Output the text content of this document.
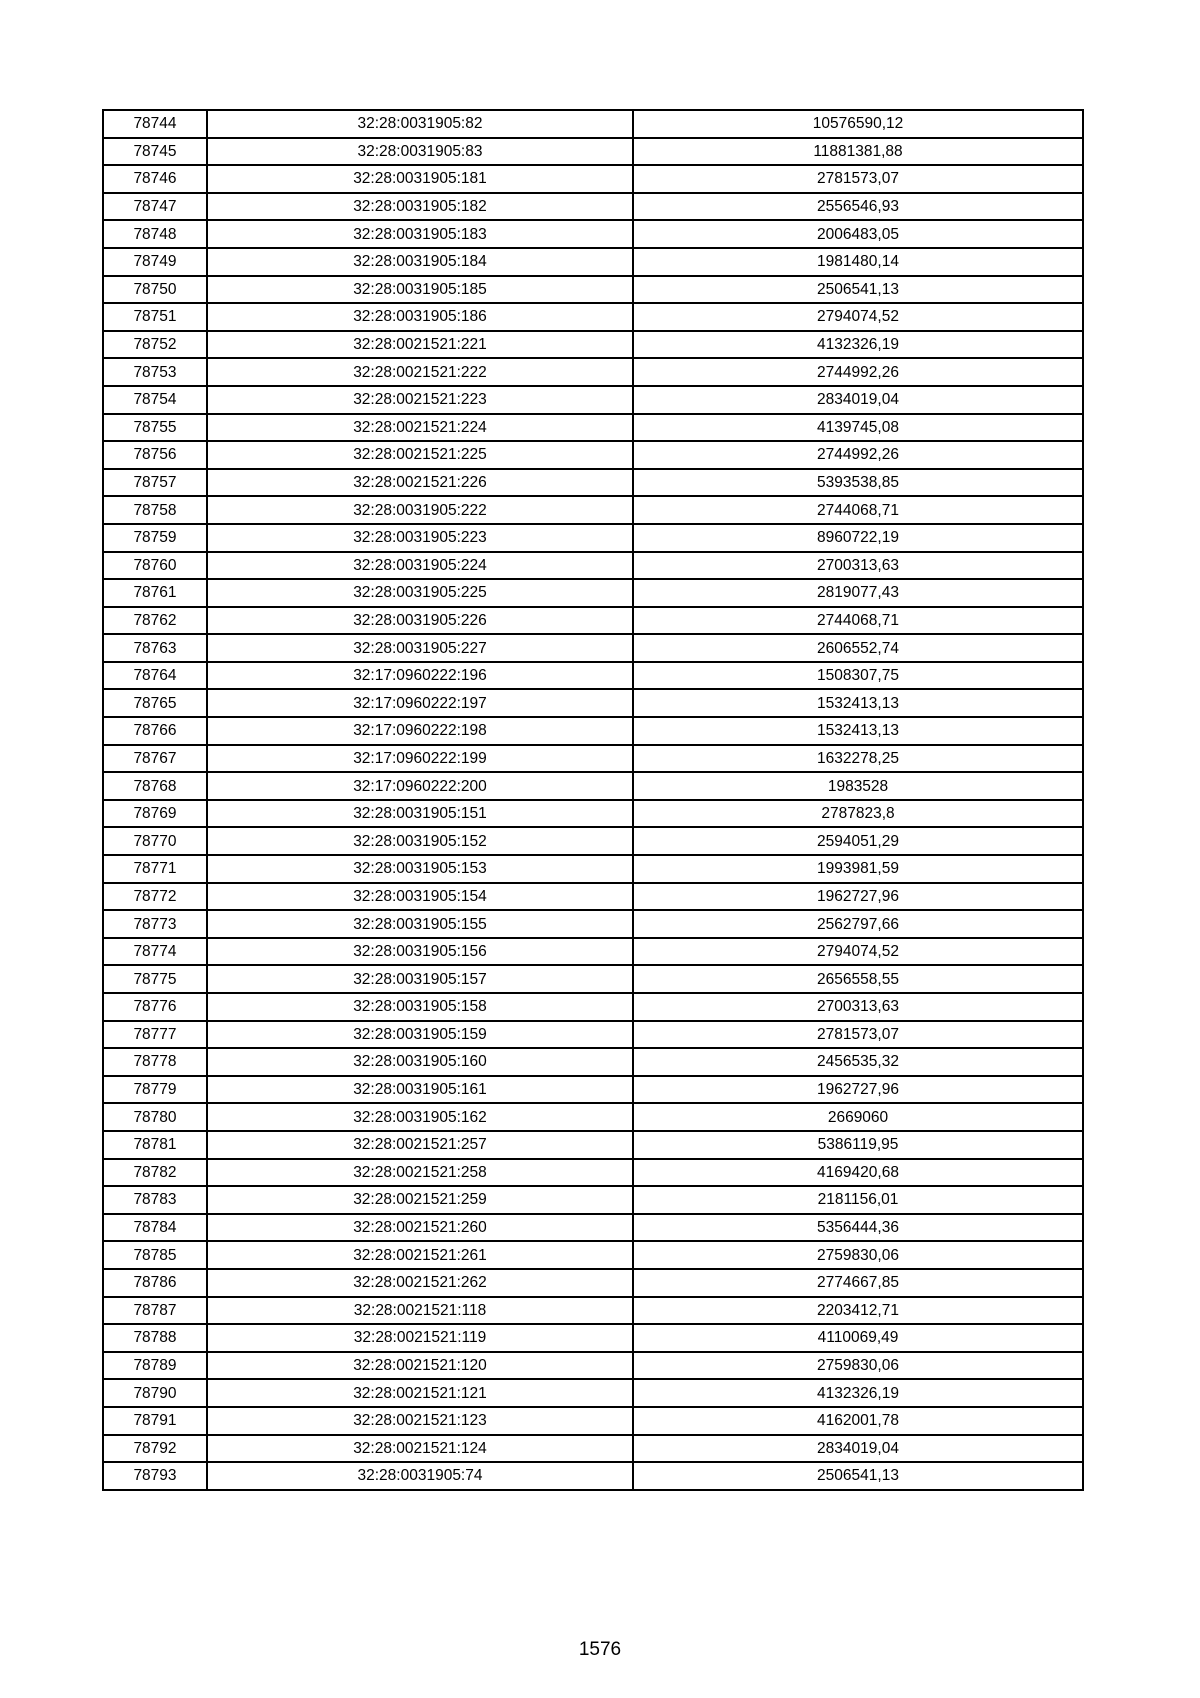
78744	32:28:0031905:82	10576590,12
78745	32:28:0031905:83	11881381,88
78746	32:28:0031905:181	2781573,07
78747	32:28:0031905:182	2556546,93
78748	32:28:0031905:183	2006483,05
78749	32:28:0031905:184	1981480,14
78750	32:28:0031905:185	2506541,13
78751	32:28:0031905:186	2794074,52
78752	32:28:0021521:221	4132326,19
78753	32:28:0021521:222	2744992,26
78754	32:28:0021521:223	2834019,04
78755	32:28:0021521:224	4139745,08
78756	32:28:0021521:225	2744992,26
78757	32:28:0021521:226	5393538,85
78758	32:28:0031905:222	2744068,71
78759	32:28:0031905:223	8960722,19
78760	32:28:0031905:224	2700313,63
78761	32:28:0031905:225	2819077,43
78762	32:28:0031905:226	2744068,71
78763	32:28:0031905:227	2606552,74
78764	32:17:0960222:196	1508307,75
78765	32:17:0960222:197	1532413,13
78766	32:17:0960222:198	1532413,13
78767	32:17:0960222:199	1632278,25
78768	32:17:0960222:200	1983528
78769	32:28:0031905:151	2787823,8
78770	32:28:0031905:152	2594051,29
78771	32:28:0031905:153	1993981,59
78772	32:28:0031905:154	1962727,96
78773	32:28:0031905:155	2562797,66
78774	32:28:0031905:156	2794074,52
78775	32:28:0031905:157	2656558,55
78776	32:28:0031905:158	2700313,63
78777	32:28:0031905:159	2781573,07
78778	32:28:0031905:160	2456535,32
78779	32:28:0031905:161	1962727,96
78780	32:28:0031905:162	2669060
78781	32:28:0021521:257	5386119,95
78782	32:28:0021521:258	4169420,68
78783	32:28:0021521:259	2181156,01
78784	32:28:0021521:260	5356444,36
78785	32:28:0021521:261	2759830,06
78786	32:28:0021521:262	2774667,85
78787	32:28:0021521:118	2203412,71
78788	32:28:0021521:119	4110069,49
78789	32:28:0021521:120	2759830,06
78790	32:28:0021521:121	4132326,19
78791	32:28:0021521:123	4162001,78
78792	32:28:0021521:124	2834019,04
78793	32:28:0031905:74	2506541,13
1576
